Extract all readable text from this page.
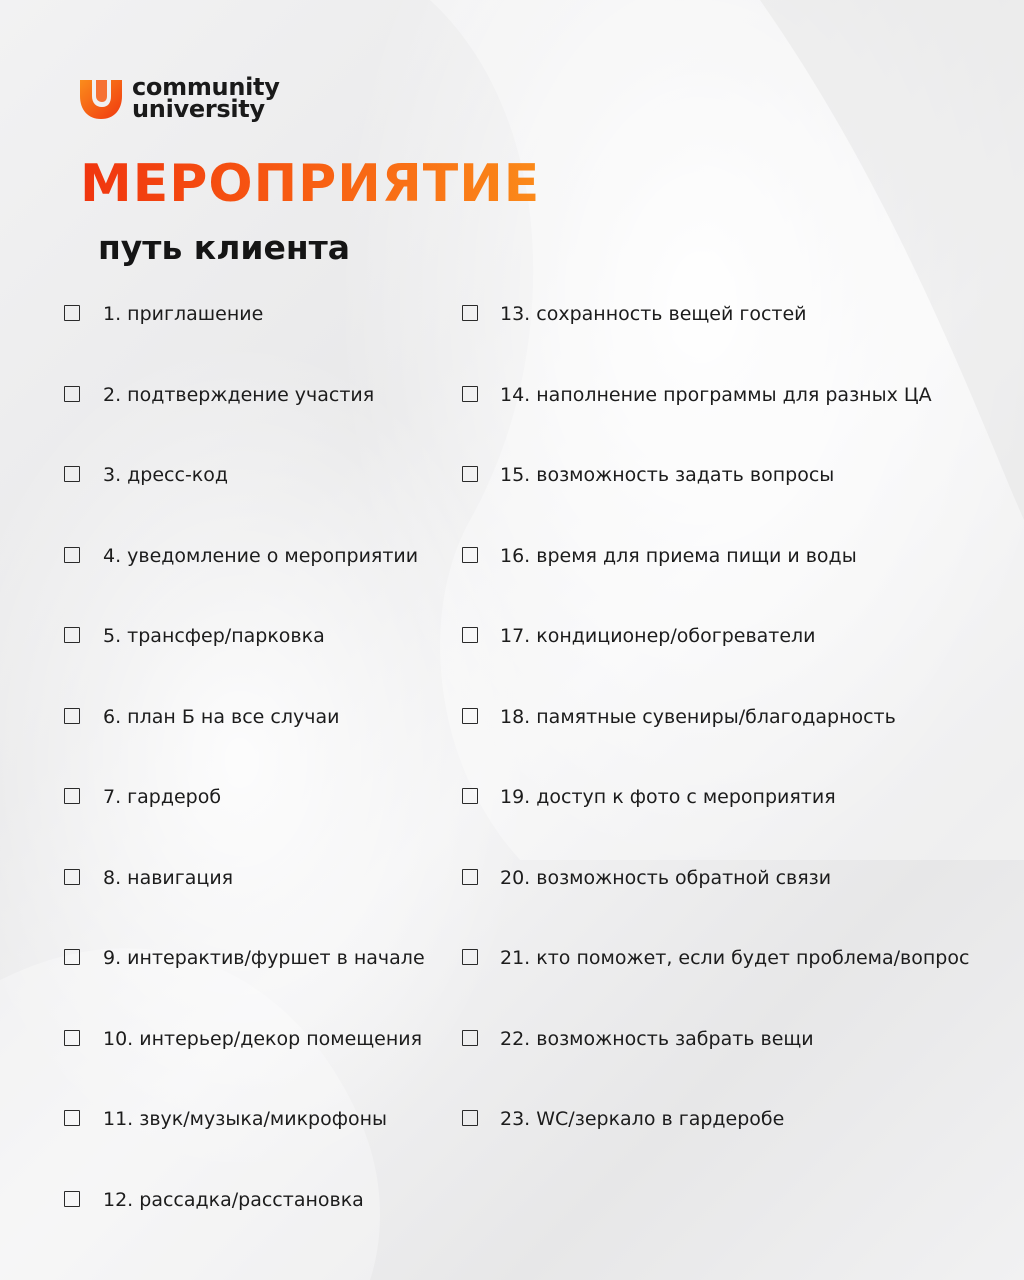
community
university
МЕРОПРИЯТИЕ
путь клиента
1. приглашение
2. подтверждение участия
3. дресс-код
4. уведомление о мероприятии
5. трансфер/парковка
6. план Б на все случаи
7. гардероб
8. навигация
9. интерактив/фуршет в начале
10. интерьер/декор помещения
11. звук/музыка/микрофоны
12. рассадка/расстановка
13. сохранность вещей гостей
14. наполнение программы для разных ЦА
15. возможность задать вопросы
16. время для приема пищи и воды
17. кондиционер/обогреватели
18. памятные сувениры/благодарность
19. доступ к фото с мероприятия
20. возможность обратной связи
21. кто поможет, если будет проблема/вопрос
22. возможность забрать вещи
23. WC/зеркало в гардеробе
